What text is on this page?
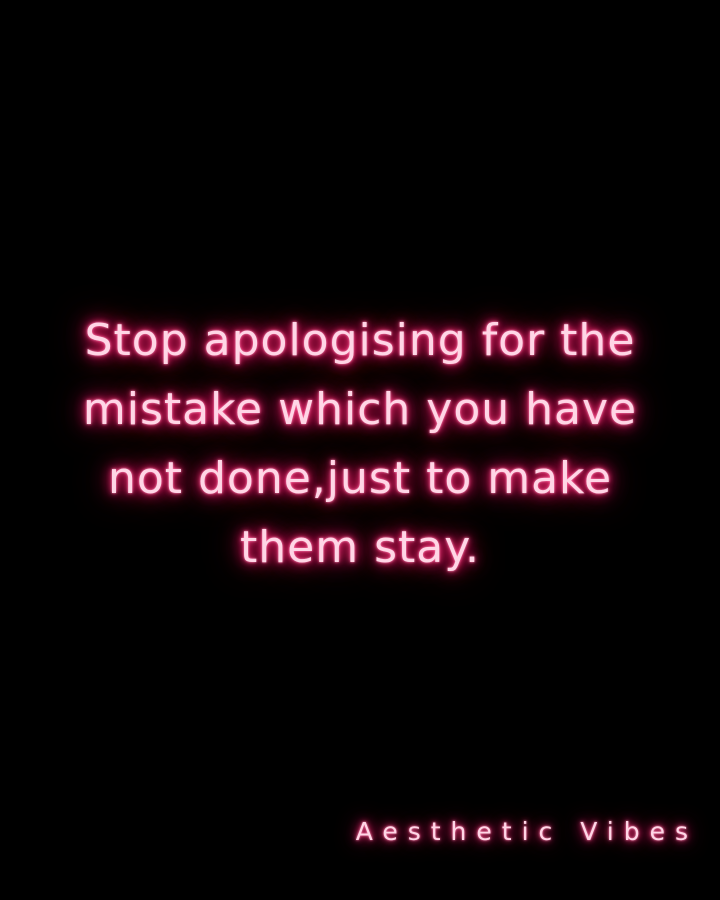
Stop apologising for the
mistake which you have
not done,just to make
them stay.

Aesthetic Vibes
